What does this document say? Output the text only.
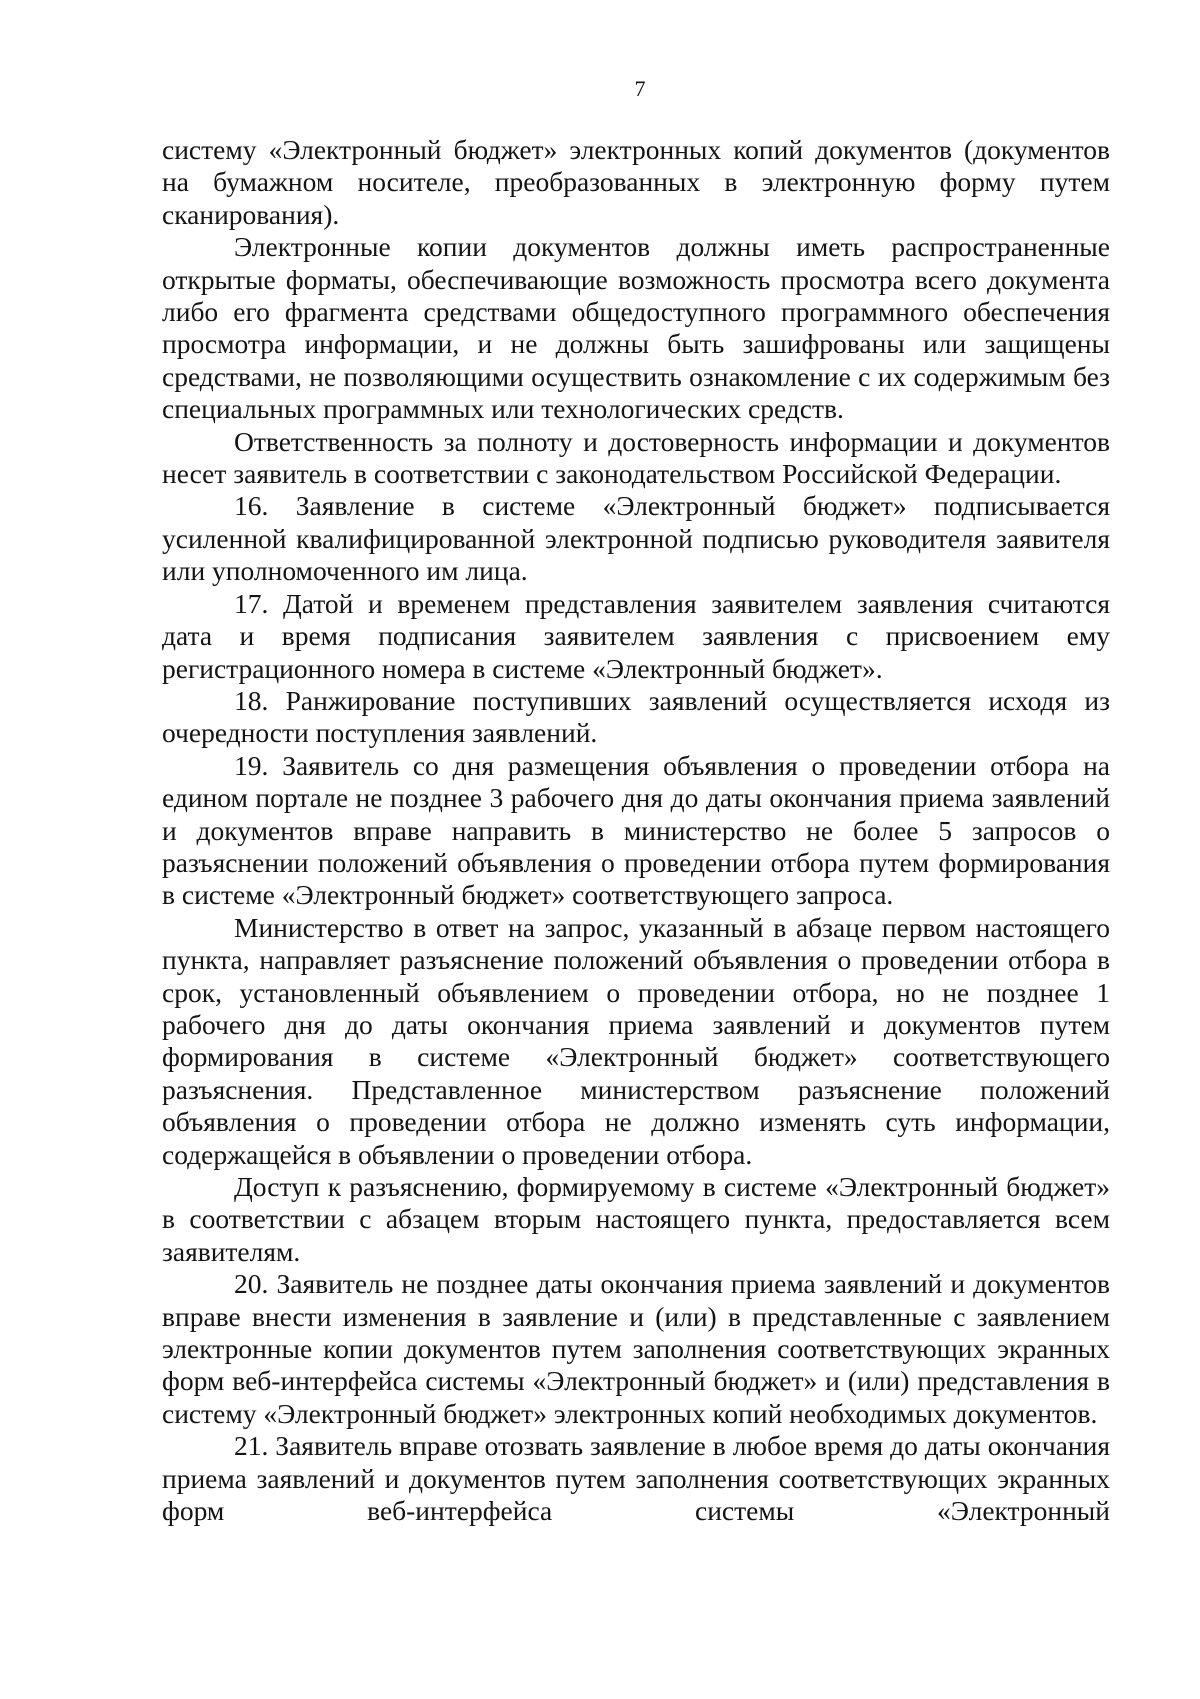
7

систему «Электронный бюджет» электронных копий документов (документов на бумажном носителе, преобразованных в электронную форму путем сканирования).

Электронные копии документов должны иметь распространенные открытые форматы, обеспечивающие возможность просмотра всего документа либо его фрагмента средствами общедоступного программного обеспечения просмотра информации, и не должны быть зашифрованы или защищены средствами, не позволяющими осуществить ознакомление с их содержимым без специальных программных или технологических средств.

Ответственность за полноту и достоверность информации и документов несет заявитель в соответствии с законодательством Российской Федерации.

16. Заявление в системе «Электронный бюджет» подписывается усиленной квалифицированной электронной подписью руководителя заявителя или уполномоченного им лица.

17. Датой и временем представления заявителем заявления считаются дата и время подписания заявителем заявления с присвоением ему регистрационного номера в системе «Электронный бюджет».

18. Ранжирование поступивших заявлений осуществляется исходя из очередности поступления заявлений.

19. Заявитель со дня размещения объявления о проведении отбора на едином портале не позднее 3 рабочего дня до даты окончания приема заявлений и документов вправе направить в министерство не более 5 запросов о разъяснении положений объявления о проведении отбора путем формирования в системе «Электронный бюджет» соответствующего запроса.

Министерство в ответ на запрос, указанный в абзаце первом настоящего пункта, направляет разъяснение положений объявления о проведении отбора в срок, установленный объявлением о проведении отбора, но не позднее 1 рабочего дня до даты окончания приема заявлений и документов путем формирования в системе «Электронный бюджет» соответствующего разъяснения. Представленное министерством разъяснение положений объявления о проведении отбора не должно изменять суть информации, содержащейся в объявлении о проведении отбора.

Доступ к разъяснению, формируемому в системе «Электронный бюджет» в соответствии с абзацем вторым настоящего пункта, предоставляется всем заявителям.

20. Заявитель не позднее даты окончания приема заявлений и документов вправе внести изменения в заявление и (или) в представленные с заявлением электронные копии документов путем заполнения соответствующих экранных форм веб-интерфейса системы «Электронный бюджет» и (или) представления в систему «Электронный бюджет» электронных копий необходимых документов.

21. Заявитель вправе отозвать заявление в любое время до даты окончания приема заявлений и документов путем заполнения соответствующих экранных форм веб-интерфейса системы «Электронный
